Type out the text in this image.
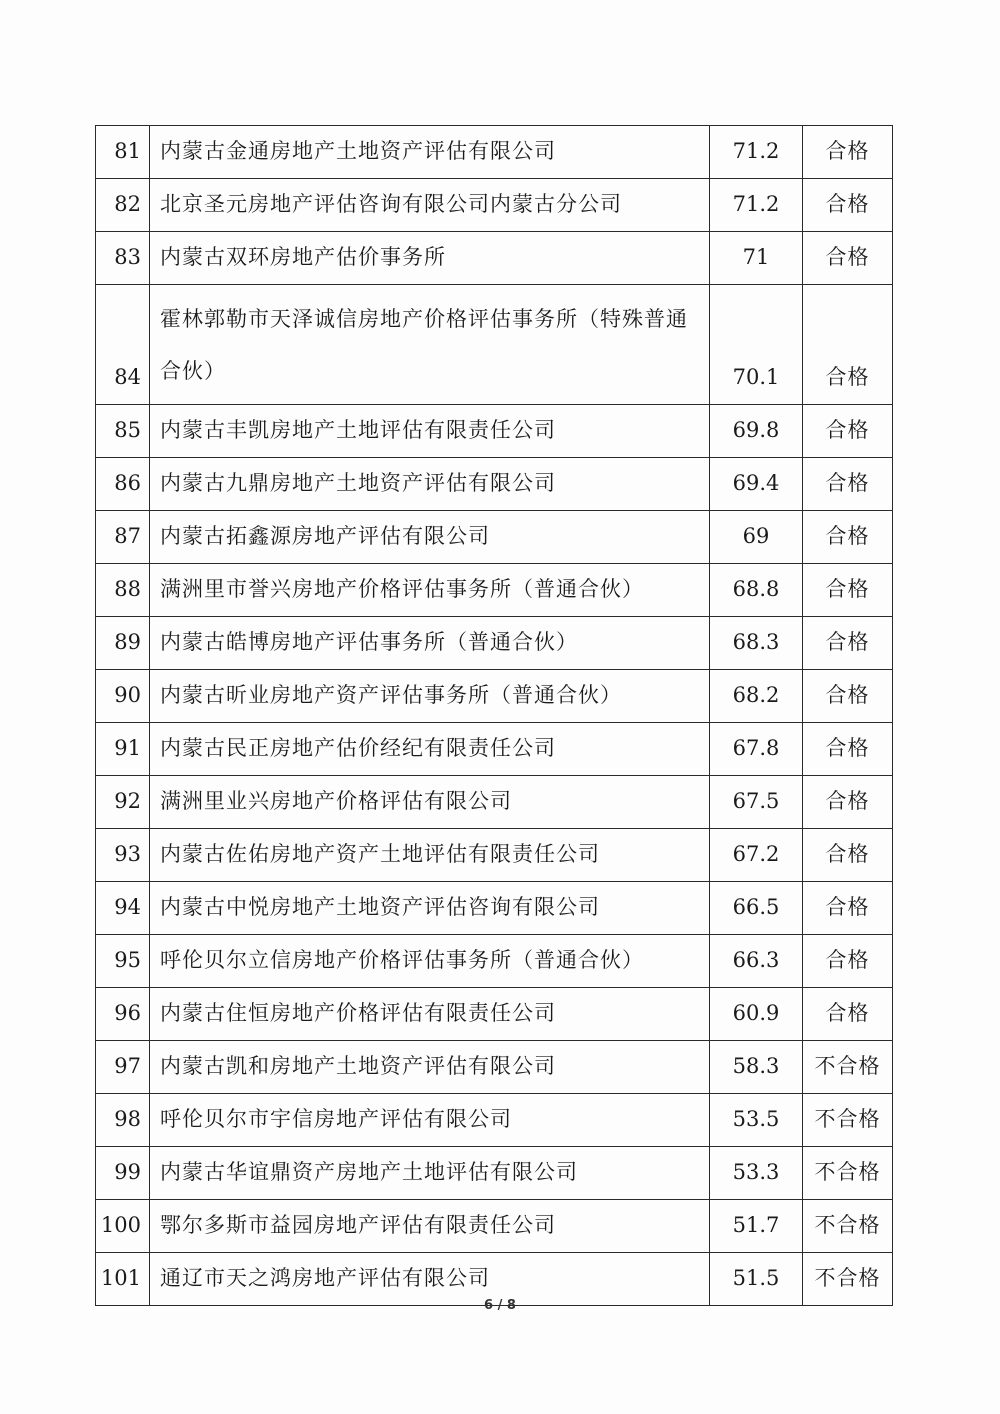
81	内蒙古金通房地产土地资产评估有限公司	71.2	合格
82	北京圣元房地产评估咨询有限公司内蒙古分公司	71.2	合格
83	内蒙古双环房地产估价事务所	71	合格
84	霍林郭勒市天泽诚信房地产价格评估事务所（特殊普通合伙）	70.1	合格
85	内蒙古丰凯房地产土地评估有限责任公司	69.8	合格
86	内蒙古九鼎房地产土地资产评估有限公司	69.4	合格
87	内蒙古拓鑫源房地产评估有限公司	69	合格
88	满洲里市誉兴房地产价格评估事务所（普通合伙）	68.8	合格
89	内蒙古皓博房地产评估事务所（普通合伙）	68.3	合格
90	内蒙古昕业房地产资产评估事务所（普通合伙）	68.2	合格
91	内蒙古民正房地产估价经纪有限责任公司	67.8	合格
92	满洲里业兴房地产价格评估有限公司	67.5	合格
93	内蒙古佐佑房地产资产土地评估有限责任公司	67.2	合格
94	内蒙古中悦房地产土地资产评估咨询有限公司	66.5	合格
95	呼伦贝尔立信房地产价格评估事务所（普通合伙）	66.3	合格
96	内蒙古住恒房地产价格评估有限责任公司	60.9	合格
97	内蒙古凯和房地产土地资产评估有限公司	58.3	不合格
98	呼伦贝尔市宇信房地产评估有限公司	53.5	不合格
99	内蒙古华谊鼎资产房地产土地评估有限公司	53.3	不合格
100	鄂尔多斯市益园房地产评估有限责任公司	51.7	不合格
101	通辽市天之鸿房地产评估有限公司	51.5	不合格
6 / 8
